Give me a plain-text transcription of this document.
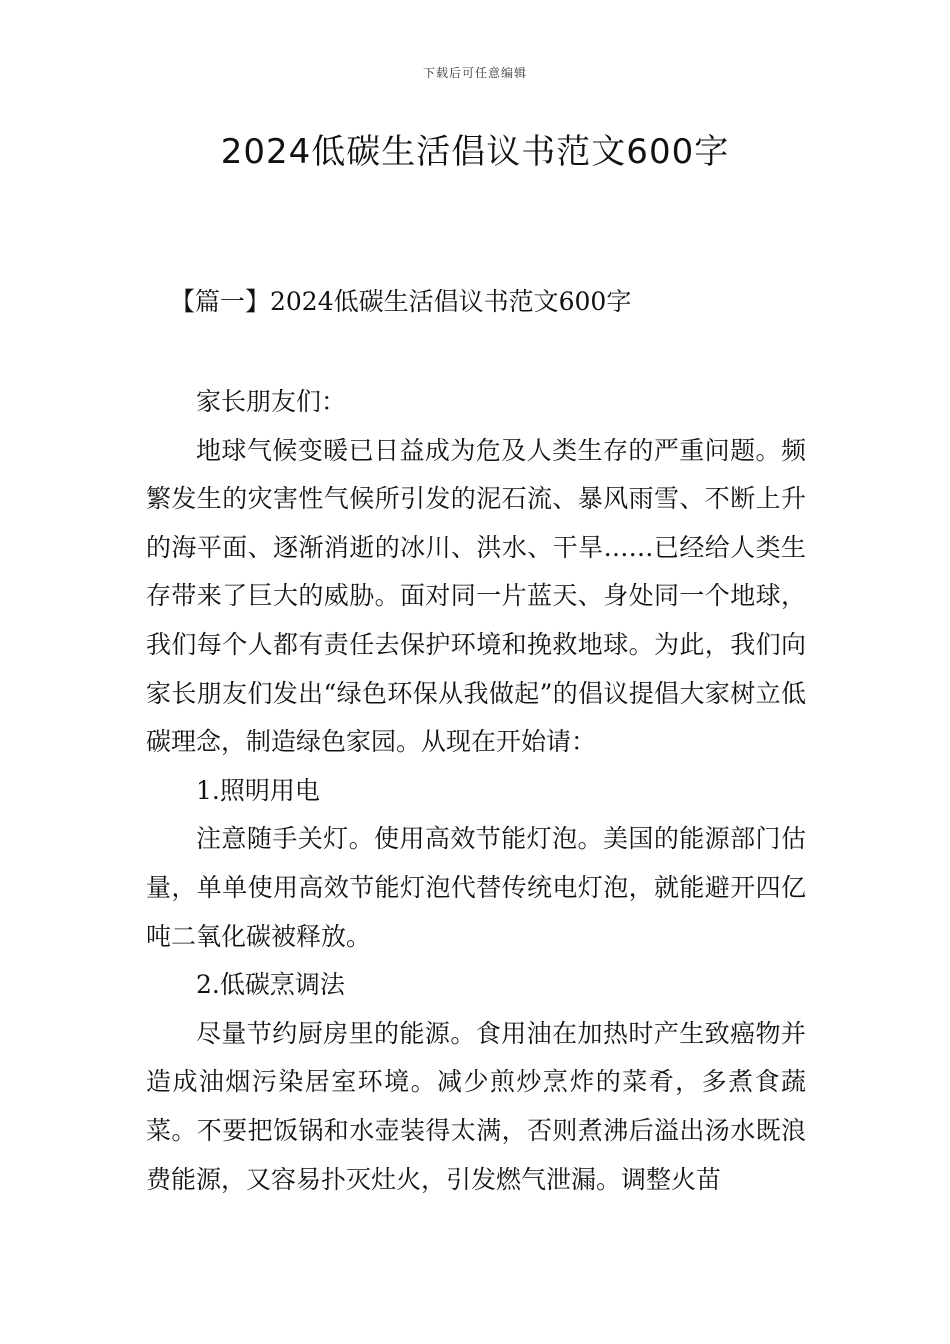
下载后可任意编辑
2024低碳生活倡议书范文600字
【篇一】2024低碳生活倡议书范文600字

家长朋友们：

地球气候变暖已日益成为危及人类生存的严重问题。频繁发生的灾害性气候所引发的泥石流、暴风雨雪、不断上升的海平面、逐渐消逝的冰川、洪水、干旱……已经给人类生存带来了巨大的威胁。面对同一片蓝天、身处同一个地球，我们每个人都有责任去保护环境和挽救地球。为此，我们向家长朋友们发出“绿色环保从我做起”的倡议提倡大家树立低碳理念，制造绿色家园。从现在开始请：

1.照明用电

注意随手关灯。使用高效节能灯泡。美国的能源部门估量，单单使用高效节能灯泡代替传统电灯泡，就能避开四亿吨二氧化碳被释放。

2.低碳烹调法

尽量节约厨房里的能源。食用油在加热时产生致癌物并造成油烟污染居室环境。减少煎炒烹炸的菜肴，多煮食蔬菜。不要把饭锅和水壶装得太满，否则煮沸后溢出汤水既浪费能源，又容易扑灭灶火，引发燃气泄漏。调整火苗
